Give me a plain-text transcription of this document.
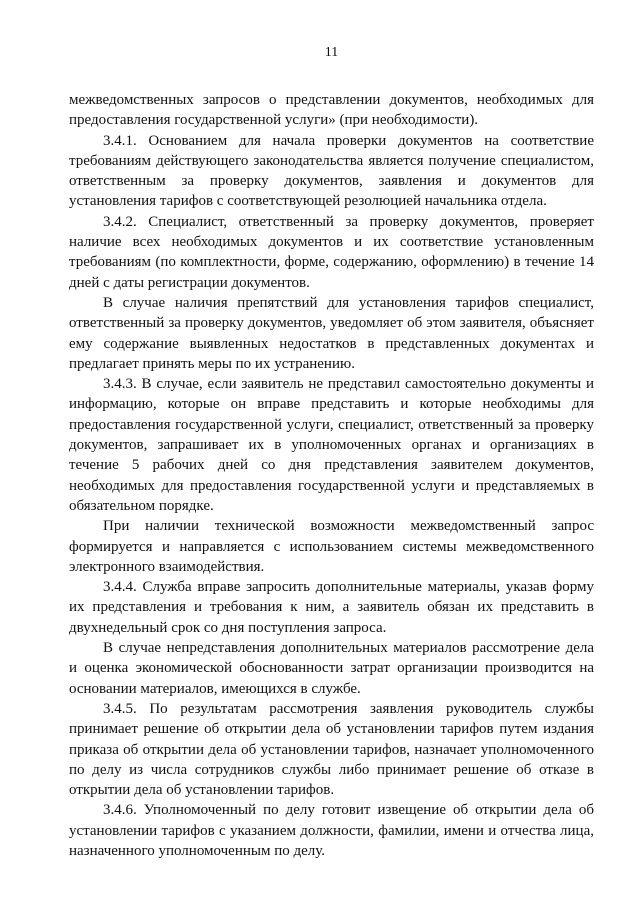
11

межведомственных запросов о представлении документов, необходимых для предоставления государственной услуги» (при необходимости).

3.4.1. Основанием для начала проверки документов на соответствие требованиям действующего законодательства является получение специалистом, ответственным за проверку документов, заявления и документов для установления тарифов с соответствующей резолюцией начальника отдела.

3.4.2. Специалист, ответственный за проверку документов, проверяет наличие всех необходимых документов и их соответствие установленным требованиям (по комплектности, форме, содержанию, оформлению) в течение 14 дней с даты регистрации документов.

В случае наличия препятствий для установления тарифов специалист, ответственный за проверку документов, уведомляет об этом заявителя, объясняет ему содержание выявленных недостатков в представленных документах и предлагает принять меры по их устранению.

3.4.3. В случае, если заявитель не представил самостоятельно документы и информацию, которые он вправе представить и которые необходимы для предоставления государственной услуги, специалист, ответственный за проверку документов, запрашивает их в уполномоченных органах и организациях в течение 5 рабочих дней со дня представления заявителем документов, необходимых для предоставления государственной услуги и представляемых в обязательном порядке.

При наличии технической возможности межведомственный запрос формируется и направляется с использованием системы межведомственного электронного взаимодействия.

3.4.4. Служба вправе запросить дополнительные материалы, указав форму их представления и требования к ним, а заявитель обязан их представить в двухнедельный срок со дня поступления запроса.

В случае непредставления дополнительных материалов рассмотрение дела и оценка экономической обоснованности затрат организации производится на основании материалов, имеющихся в службе.

3.4.5. По результатам рассмотрения заявления руководитель службы принимает решение об открытии дела об установлении тарифов путем издания приказа об открытии дела об установлении тарифов, назначает уполномоченного по делу из числа сотрудников службы либо принимает решение об отказе в открытии дела об установлении тарифов.

3.4.6. Уполномоченный по делу готовит извещение об открытии дела об установлении тарифов с указанием должности, фамилии, имени и отчества лица, назначенного уполномоченным по делу.
